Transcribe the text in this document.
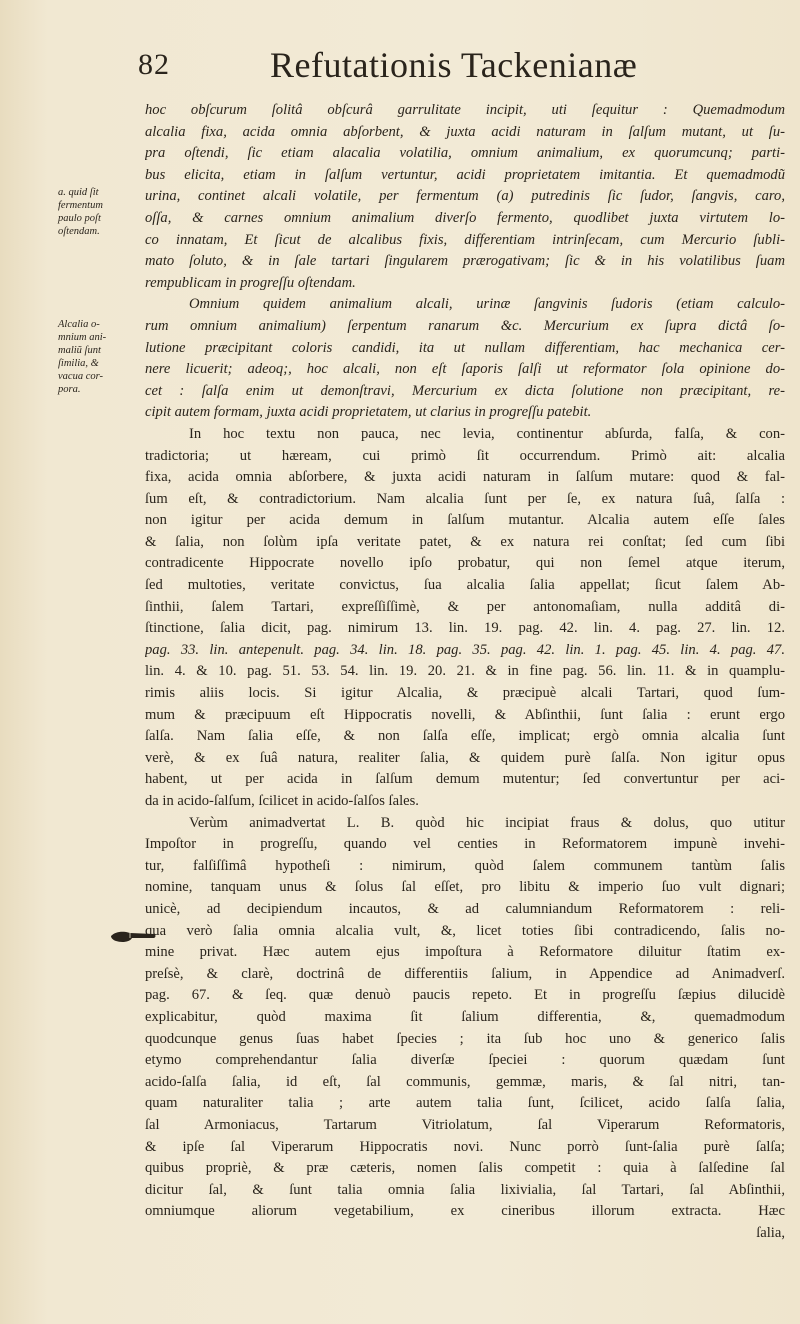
82	Refutationis Tackenianæ
a. quid ſit
fermentum
paulo poſt
oſtendam.
Alcalia o-
mnium ani-
maliũ ſunt
ſimilia, &
vacua cor-
pora.
hoc obſcurum ſolitâ obſcurâ garrulitate incipit, uti ſequitur : Quemadmodum
alcalia fixa, acida omnia abſorbent, & juxta acidi naturam in ſalſum mutant, ut ſu-
pra oſtendi, ſic etiam alacalia volatilia, omnium animalium, ex quorumcunq; parti-
bus elicita, etiam in ſalſum vertuntur, acidi proprietatem imitantia. Et quemadmodũ
urina, continet alcali volatile, per fermentum (a) putredinis ſic ſudor, ſangvis, caro,
oſſa, & carnes omnium animalium diverſo fermento, quodlibet juxta virtutem lo-
co innatam, Et ſicut de alcalibus fixis, differentiam intrinſecam, cum Mercurio ſubli-
mato ſoluto, & in ſale tartari ſingularem prærogativam; ſic & in his volatilibus ſuam
rempublicam in progreſſu oſtendam.
Omnium quidem animalium alcali, urinæ ſangvinis ſudoris (etiam calculo-
rum omnium animalium) ſerpentum ranarum &c. Mercurium ex ſupra dictâ ſo-
lutione præcipitant coloris candidi, ita ut nullam differentiam, hac mechanica cer-
nere licuerit; adeoq;, hoc alcali, non eſt ſaporis ſalſi ut reformator ſola opinione do-
cet : ſalſa enim ut demonſtravi, Mercurium ex dicta ſolutione non præcipitant, re-
cipit autem formam, juxta acidi proprietatem, ut clarius in progreſſu patebit.
In hoc textu non pauca, nec levia, continentur abſurda, falſa, & con-
tradictoria; ut hæream, cui primò ſit occurrendum. Primò ait: alcalia
fixa, acida omnia abſorbere, & juxta acidi naturam in ſalſum mutare: quod & fal-
ſum eſt, & contradictorium. Nam alcalia ſunt per ſe, ex natura ſuâ, ſalſa :
non igitur per acida demum in ſalſum mutantur. Alcalia autem eſſe ſales
& ſalia, non ſolùm ipſa veritate patet, & ex natura rei conſtat; ſed cum ſibi
contradicente Hippocrate novello ipſo probatur, qui non ſemel atque iterum,
ſed multoties, veritate convictus, ſua alcalia ſalia appellat; ſicut ſalem Ab-
ſinthii, ſalem Tartari, expreſſiſſimè, & per antonomaſiam, nulla additâ di-
ſtinctione, ſalia dicit, pag. nimirum 13. lin. 19. pag. 42. lin. 4. pag. 27. lin. 12.
pag. 33. lin. antepenult. pag. 34. lin. 18. pag. 35. pag. 42. lin. 1. pag. 45. lin. 4. pag. 47.
lin. 4. & 10. pag. 51. 53. 54. lin. 19. 20. 21. & in fine pag. 56. lin. 11. & in quamplu-
rimis aliis locis. Si igitur Alcalia, & præcipuè alcali Tartari, quod ſum-
mum & præcipuum eſt Hippocratis novelli, & Abſinthii, ſunt ſalia : erunt ergo
ſalſa. Nam ſalia eſſe, & non ſalſa eſſe, implicat; ergò omnia alcalia ſunt
verè, & ex ſuâ natura, realiter ſalia, & quidem purè ſalſa. Non igitur opus
habent, ut per acida in ſalſum demum mutentur; ſed convertuntur per aci-
da in acido-ſalſum, ſcilicet in acido-ſalſos ſales.
Verùm animadvertat L. B. quòd hic incipiat fraus & dolus, quo utitur
Impoſtor in progreſſu, quando vel centies in Reformatorem impunè invehi-
tur, falſiſſimâ hypotheſi : nimirum, quòd ſalem communem tantùm ſalis
nomine, tanquam unus & ſolus ſal eſſet, pro libitu & imperio ſuo vult dignari;
unicè, ad decipiendum incautos, & ad calumniandum Reformatorem : reli-
qua verò ſalia omnia alcalia vult, &, licet toties ſibi contradicendo, ſalis no-
mine privat. Hæc autem ejus impoſtura à Reformatore diluitur ſtatim ex-
preſsè, & clarè, doctrinâ de differentiis ſalium, in Appendice ad Animadverſ.
pag. 67. & ſeq. quæ denuò paucis repeto. Et in progreſſu ſæpius dilucidè
explicabitur, quòd maxima ſit ſalium differentia, &, quemadmodum
quodcunque genus ſuas habet ſpecies ; ita ſub hoc uno & generico ſalis
etymo comprehendantur ſalia diverſæ ſpeciei : quorum quædam ſunt
acido-ſalſa ſalia, id eſt, ſal communis, gemmæ, maris, & ſal nitri, tan-
quam naturaliter talia ; arte autem talia ſunt, ſcilicet, acido ſalſa ſalia,
ſal Armoniacus, Tartarum Vitriolatum, ſal Viperarum Reformatoris,
& ipſe ſal Viperarum Hippocratis novi. Nunc porrò ſunt-ſalia purè ſalſa;
quibus propriè, & præ cæteris, nomen ſalis competit : quia à ſalſedine ſal
dicitur ſal, & ſunt talia omnia ſalia lixivialia, ſal Tartari, ſal Abſinthii,
omniumque aliorum vegetabilium, ex cineribus illorum extracta. Hæc
ſalia,
